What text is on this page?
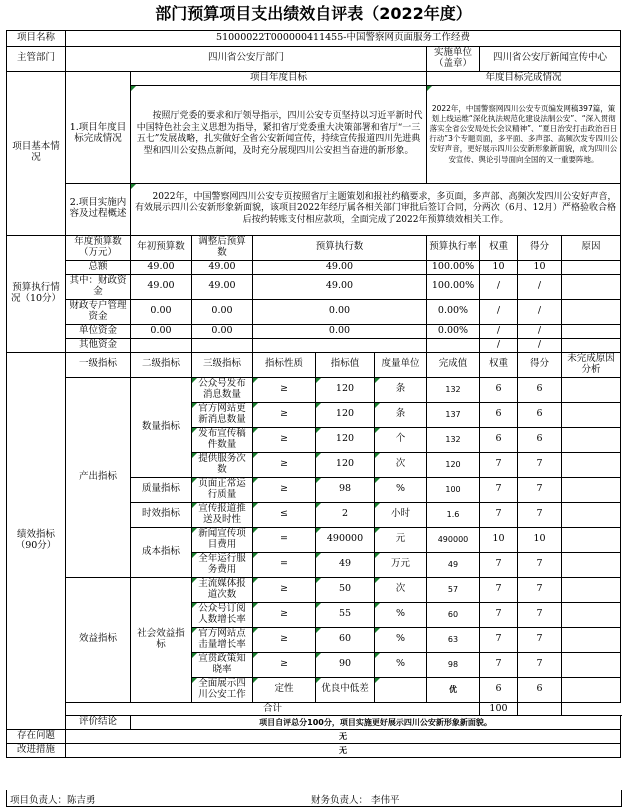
部门预算项目支出绩效自评表（2022年度）
项目名称	51000022T000000411455-中国警察网页面服务工作经费									
主管部门	四川省公安厅部门						实施单位（盖章）	四川省公安厅新闻宣传中心		
项目基本情况		项目年度目标					年度目标完成情况			
	1.项目年度目标完成情况	按照厅党委的要求和厅领导指示，四川公安专页坚持以习近平新时代中国特色社会主义思想为指导，紧扣省厅党委重大决策部署和省厅“一三五七”发展战略，扎实做好全省公安新闻宣传，持续宣传报道四川先进典型和四川公安热点新闻，及时充分展现四川公安担当奋进的新形象。					2022年，中国警察网四川公安专页编发网稿397篇，策划上线运维“深化执法规范化建设法制公安”、“深入贯彻落实全省公安局处长会议精神”、“夏日治安打击政治百日行动”3个专题页面，多平面、多声部、高频次发专四川公安好声音，更好展示四川公安新形象新面貌，成为四川公安宣传、舆论引导面向全国的又一重要阵地。			
	2.项目实施内容及过程概述	2022年，中国警察网四川公安专页按照省厅主题策划和报社约稿要求，多页面，多声部、高频次发四川公安好声音，有效展示四川公安新形象新面貌，该项目2022年经厅属各相关部门审批后签订合同，分两次（6月、12月）严格验收合格后按约转账支付相应款项，全面完成了2022年预算绩效相关工作。								

预算执行情况（10分）	年度预算数（万元）	年初预算数	调整后预算数	预算执行数			预算执行率	权重	得分	原因
	总额	49.00	49.00	49.00			100.00%	10	10	
	其中：财政资金	49.00	49.00	49.00			100.00%	/	/	
	财政专户管理资金	0.00	0.00	0.00			0.00%	/	/	
	单位资金	0.00	0.00	0.00			0.00%	/	/	
	其他资金							/	/	
绩效指标（90分）	一级指标	二级指标	三级指标	指标性质	指标值	度量单位	完成值	权重	得分	未完成原因分析
	产出指标	数量指标	公众号发布消息数量	≥	120	条	132	6	6	
			官方网站更新消息数量	≥	120	条	137	6	6	
			发布宣传稿件数量	≥	120	个	132	6	6	
			提供服务次数	≥	120	次	120	7	7	
		质量指标	页面正常运行质量	≥	98	%	100	7	7	
		时效指标	宣传报道推送及时性	≤	2	小时	1.6	7	7	
		成本指标	新闻宣传项目费用	=	490000	元	490000	10	10	
			全年运行服务费用	=	49	万元	49	7	7	
	效益指标	社会效益指标	主流媒体报道次数	≥	50	次	57	7	7	
			公众号订阅人数增长率	≥	55	%	60	7	7	
			官方网站点击量增长率	≥	60	%	63	7	7	
			宣贯政策知晓率	≥	90	%	98	7	7	
			全面展示四川公安工作	定性	优良中低差		优	6	6	
	合计							100		
	评价结论	项目自评总分100分，项目实施更好展示四川公安新形象新面貌。								
存在问题	无									
改进措施	无									
项目负责人：陈吉勇	财务负责人： 李伟平
